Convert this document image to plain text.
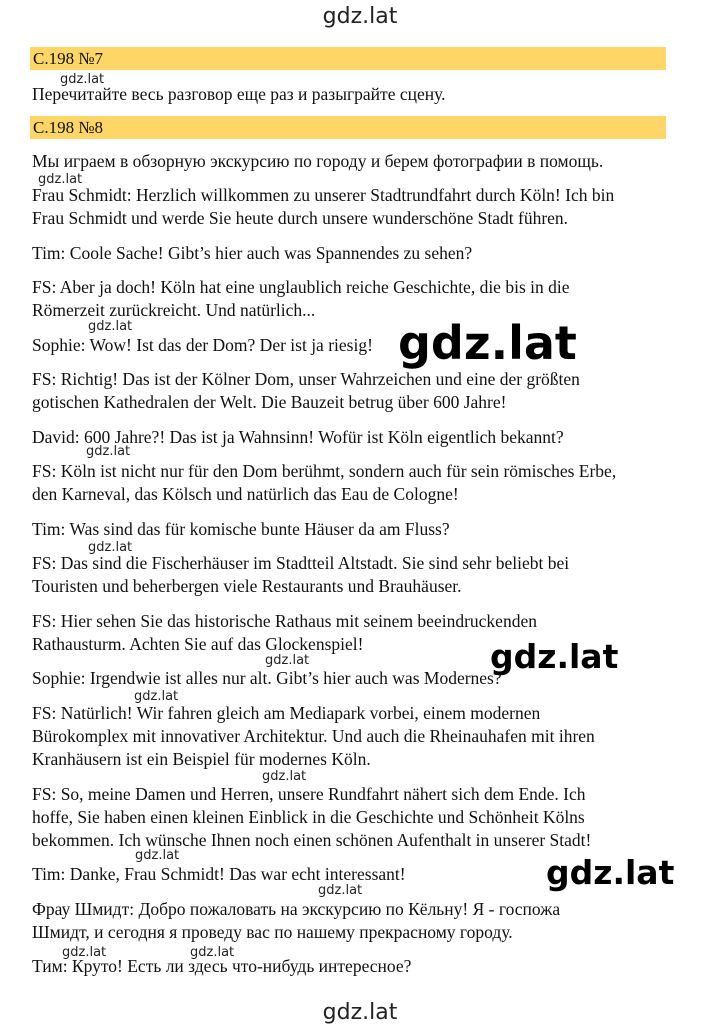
gdz.lat
С.198 №7
Перечитайте весь разговор еще раз и разыграйте сцену.
С.198 №8
Мы играем в обзорную экскурсию по городу и берем фотографии в помощь.
Frau Schmidt: Herzlich willkommen zu unserer Stadtrundfahrt durch Köln! Ich bin
Frau Schmidt und werde Sie heute durch unsere wunderschöne Stadt führen.
Tim: Coole Sache! Gibt’s hier auch was Spannendes zu sehen?
FS: Aber ja doch! Köln hat eine unglaublich reiche Geschichte, die bis in die
Römerzeit zurückreicht. Und natürlich...
Sophie: Wow! Ist das der Dom? Der ist ja riesig!
FS: Richtig! Das ist der Kölner Dom, unser Wahrzeichen und eine der größten
gotischen Kathedralen der Welt. Die Bauzeit betrug über 600 Jahre!
David: 600 Jahre?! Das ist ja Wahnsinn! Wofür ist Köln eigentlich bekannt?
FS: Köln ist nicht nur für den Dom berühmt, sondern auch für sein römisches Erbe,
den Karneval, das Kölsch und natürlich das Eau de Cologne!
Tim: Was sind das für komische bunte Häuser da am Fluss?
FS: Das sind die Fischerhäuser im Stadtteil Altstadt. Sie sind sehr beliebt bei
Touristen und beherbergen viele Restaurants und Brauhäuser.
FS: Hier sehen Sie das historische Rathaus mit seinem beeindruckenden
Rathausturm. Achten Sie auf das Glockenspiel!
Sophie: Irgendwie ist alles nur alt. Gibt’s hier auch was Modernes?
FS: Natürlich! Wir fahren gleich am Mediapark vorbei, einem modernen
Bürokomplex mit innovativer Architektur. Und auch die Rheinauhafen mit ihren
Kranhäusern ist ein Beispiel für modernes Köln.
FS: So, meine Damen und Herren, unsere Rundfahrt nähert sich dem Ende. Ich
hoffe, Sie haben einen kleinen Einblick in die Geschichte und Schönheit Kölns
bekommen. Ich wünsche Ihnen noch einen schönen Aufenthalt in unserer Stadt!
Tim: Danke, Frau Schmidt! Das war echt interessant!
Фрау Шмидт: Добро пожаловать на экскурсию по Кёльну! Я - госпожа
Шмидт, и сегодня я проведу вас по нашему прекрасному городу.
Тим: Круто! Есть ли здесь что-нибудь интересное?
gdz.lat
gdz.lat
gdz.lat
gdz.lat
gdz.lat
gdz.lat
gdz.lat
gdz.lat
gdz.lat
gdz.lat
gdz.lat	gdz.lat
gdz.lat
gdz.lat
gdz.lat
gdz.lat
